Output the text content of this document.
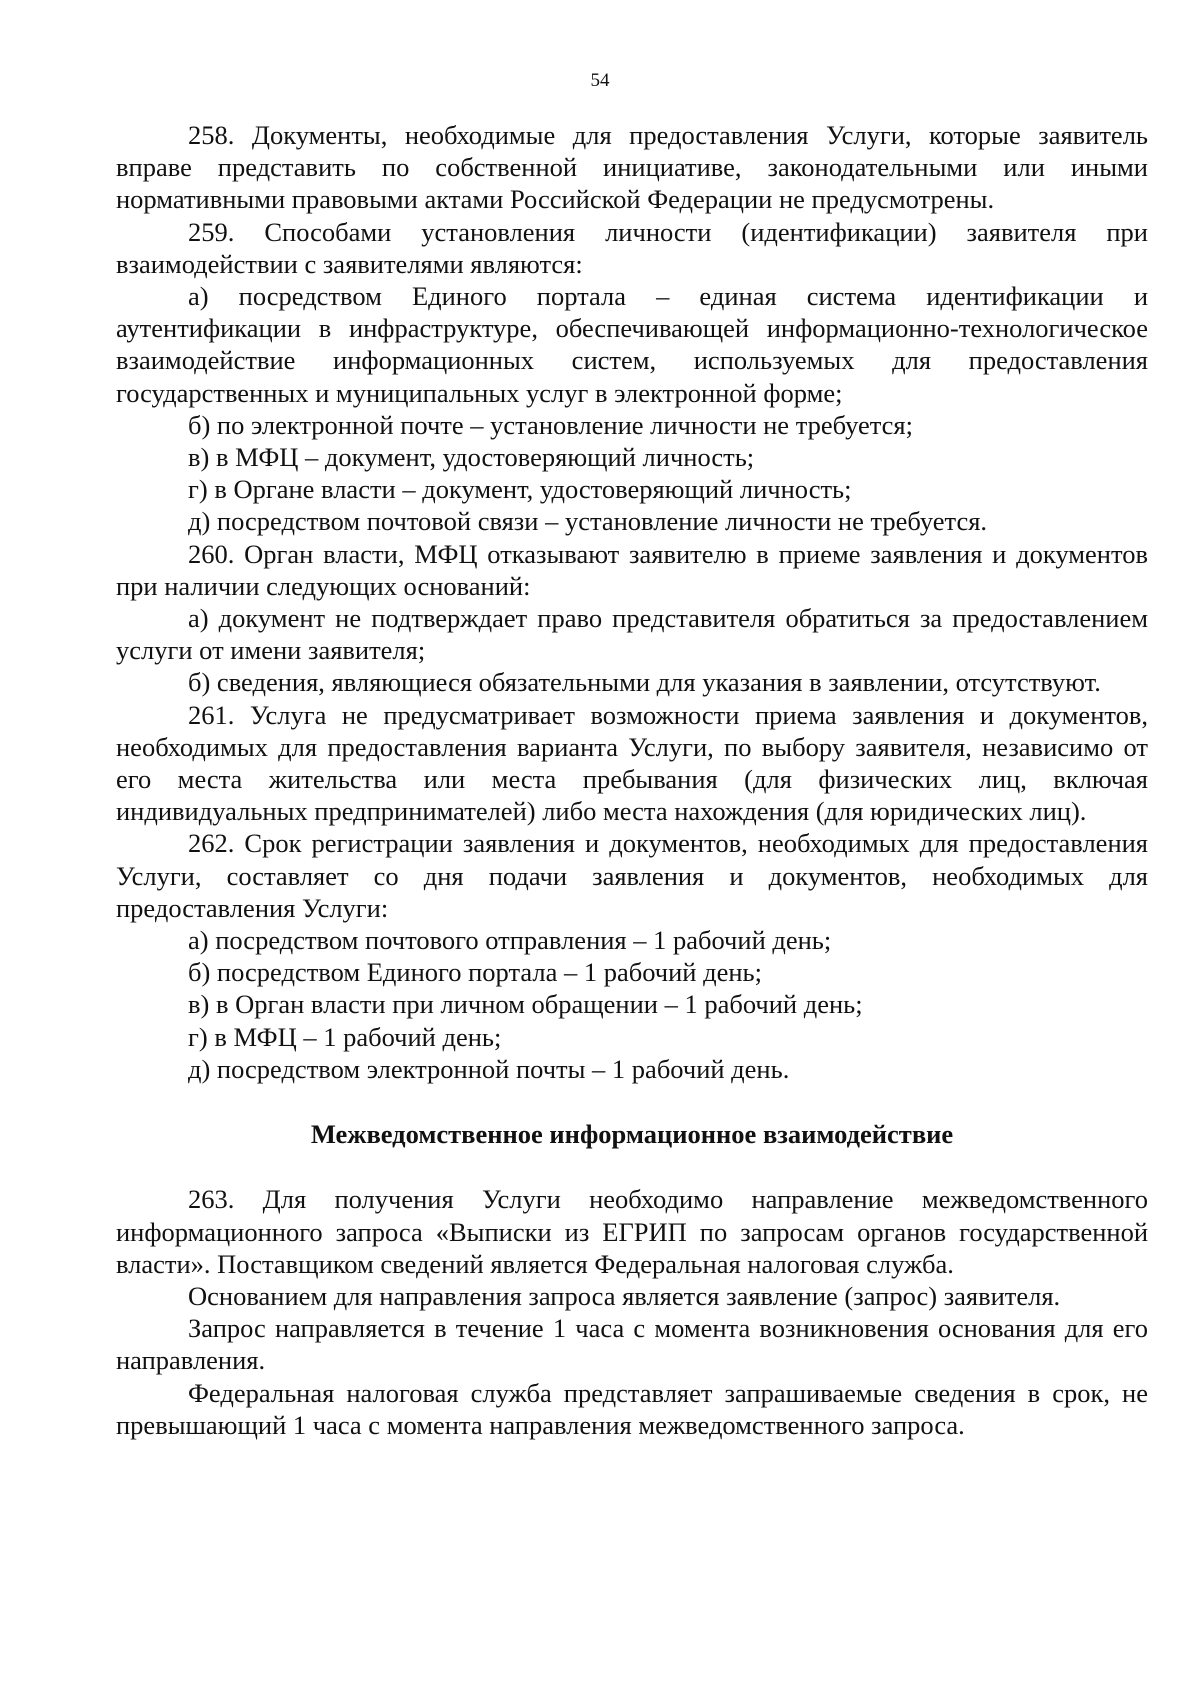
54

258. Документы, необходимые для предоставления Услуги, которые заявитель вправе представить по собственной инициативе, законодательными или иными нормативными правовыми актами Российской Федерации не предусмотрены.

259. Способами установления личности (идентификации) заявителя при взаимодействии с заявителями являются:

а) посредством Единого портала – единая система идентификации и аутентификации в инфраструктуре, обеспечивающей информационно-технологическое взаимодействие информационных систем, используемых для предоставления государственных и муниципальных услуг в электронной форме;

б) по электронной почте – установление личности не требуется;

в) в МФЦ – документ, удостоверяющий личность;

г) в Органе власти – документ, удостоверяющий личность;

д) посредством почтовой связи – установление личности не требуется.

260. Орган власти, МФЦ отказывают заявителю в приеме заявления и документов при наличии следующих оснований:

а) документ не подтверждает право представителя обратиться за предоставлением услуги от имени заявителя;

б) сведения, являющиеся обязательными для указания в заявлении, отсутствуют.

261. Услуга не предусматривает возможности приема заявления и документов, необходимых для предоставления варианта Услуги, по выбору заявителя, независимо от его места жительства или места пребывания (для физических лиц, включая индивидуальных предпринимателей) либо места нахождения (для юридических лиц).

262. Срок регистрации заявления и документов, необходимых для предоставления Услуги, составляет со дня подачи заявления и документов, необходимых для предоставления Услуги:

а) посредством почтового отправления – 1 рабочий день;

б) посредством Единого портала – 1 рабочий день;

в) в Орган власти при личном обращении – 1 рабочий день;

г) в МФЦ – 1 рабочий день;

д) посредством электронной почты – 1 рабочий день.

Межведомственное информационное взаимодействие

263. Для получения Услуги необходимо направление межведомственного информационного запроса «Выписки из ЕГРИП по запросам органов государственной власти». Поставщиком сведений является Федеральная налоговая служба.

Основанием для направления запроса является заявление (запрос) заявителя.

Запрос направляется в течение 1 часа с момента возникновения основания для его направления.

Федеральная налоговая служба представляет запрашиваемые сведения в срок, не превышающий 1 часа с момента направления межведомственного запроса.
